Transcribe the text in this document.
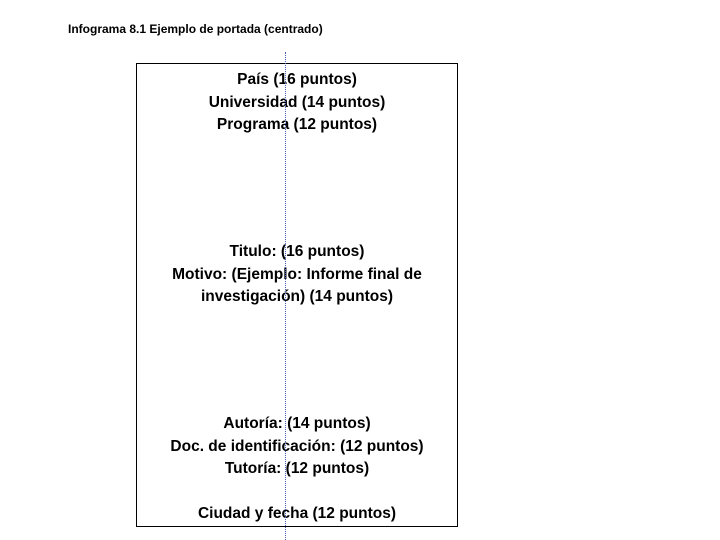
Infograma 8.1 Ejemplo de portada (centrado)
País (16 puntos)
Universidad (14 puntos)
Programa (12 puntos)
Titulo: (16 puntos)
Motivo: (Ejemplo: Informe final de
investigación) (14 puntos)
Autoría: (14 puntos)
Doc. de identificación: (12 puntos)
Tutoría: (12 puntos)
Ciudad y fecha (12 puntos)
